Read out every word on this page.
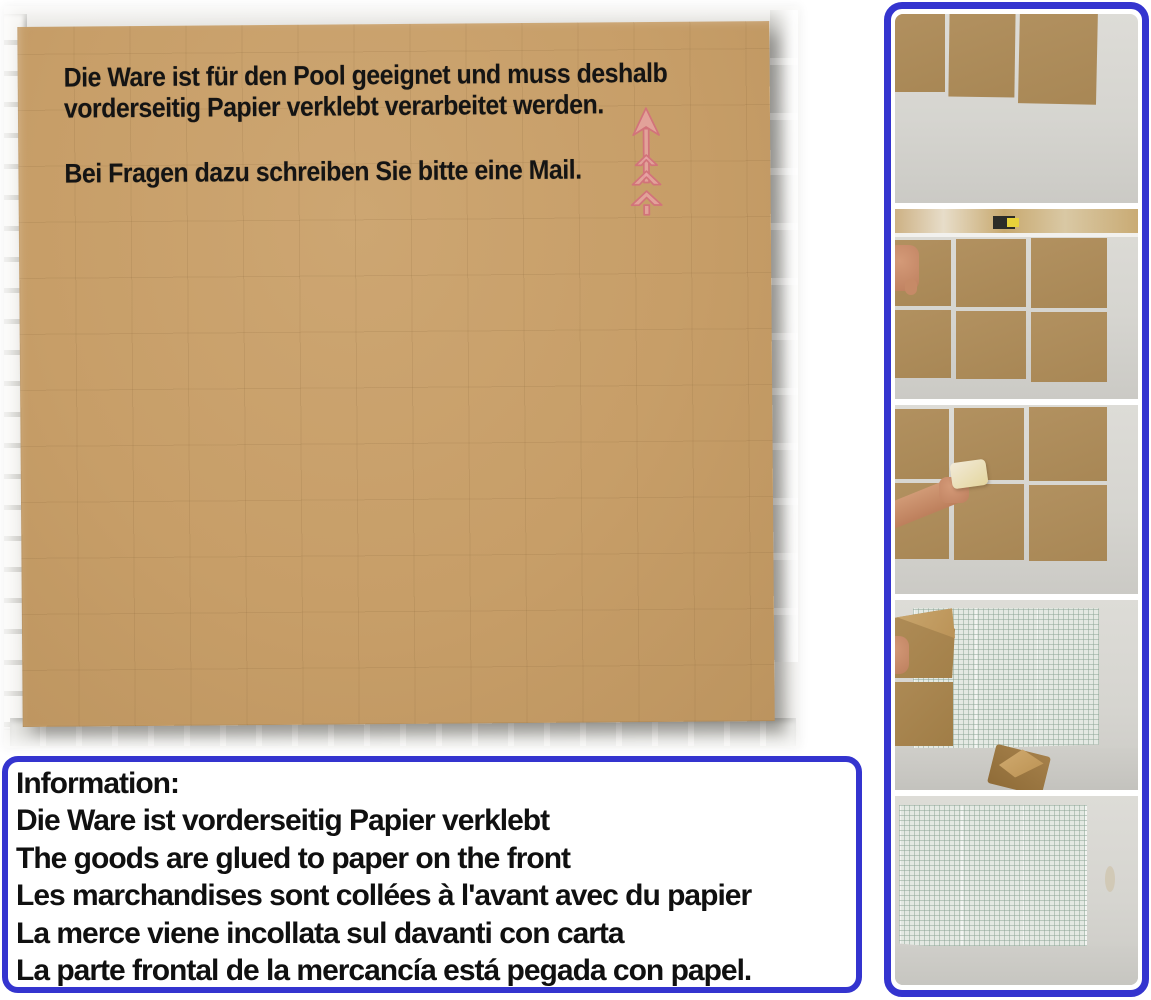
Die Ware ist für den Pool geeignet und muss deshalb
vorderseitig Papier verklebt verarbeitet werden.
Bei Fragen dazu schreiben Sie bitte eine Mail.
Information:
Die Ware ist vorderseitig Papier verklebt
The goods are glued to paper on the front
Les marchandises sont collées à l'avant avec du papier
La merce viene incollata sul davanti con carta
La parte frontal de la mercancía está pegada con papel.
